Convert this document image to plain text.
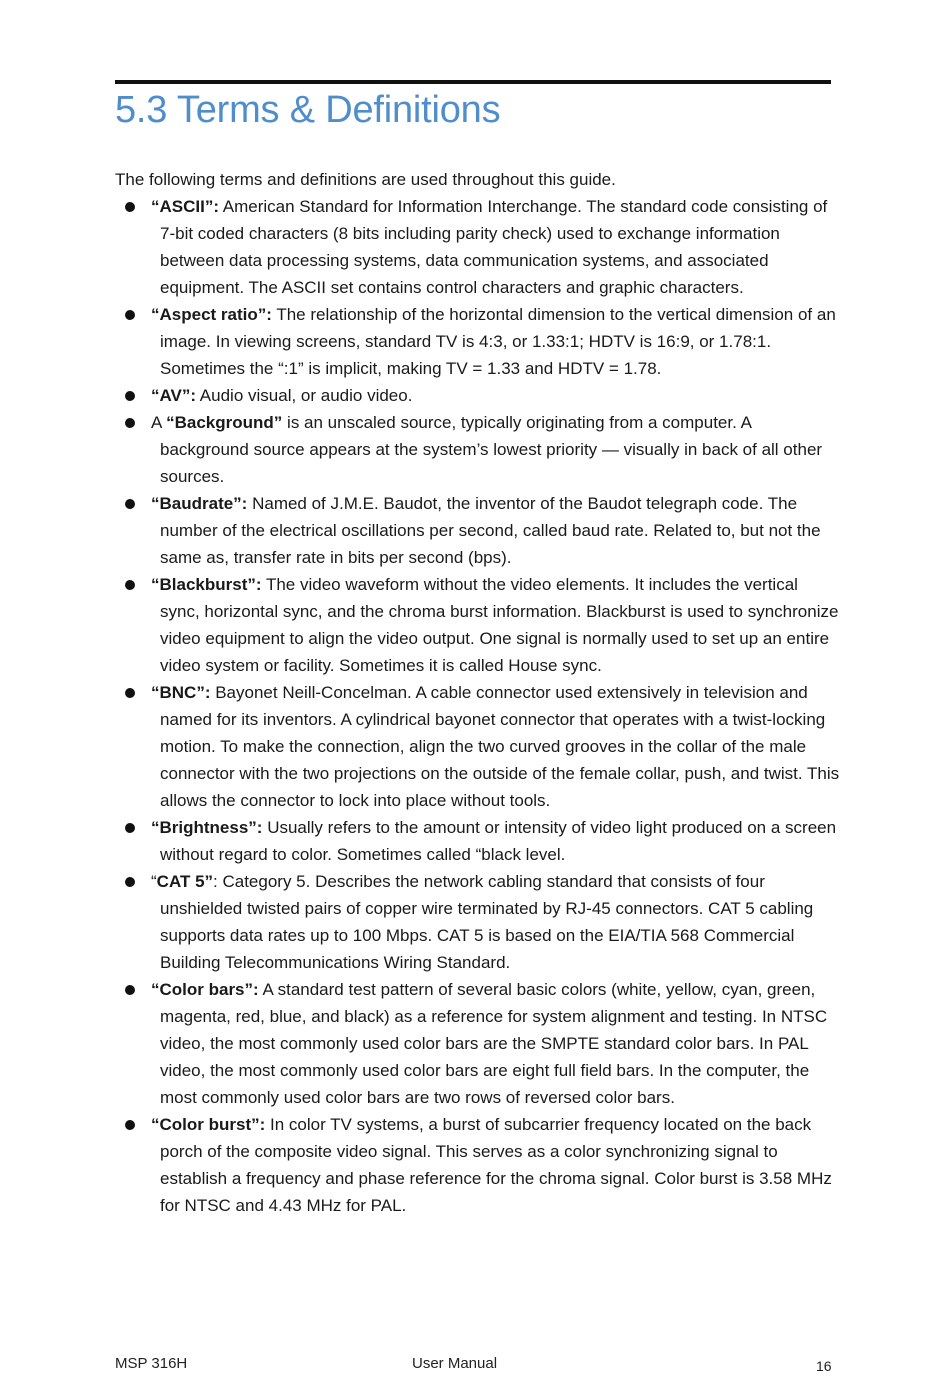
5.3 Terms & Definitions

The following terms and definitions are used throughout this guide.

“ASCII”: American Standard for Information Interchange. The standard code consisting of 7-bit coded characters (8 bits including parity check) used to exchange information between data processing systems, data communication systems, and associated equipment. The ASCII set contains control characters and graphic characters.
“Aspect ratio”: The relationship of the horizontal dimension to the vertical dimension of an image. In viewing screens, standard TV is 4:3, or 1.33:1; HDTV is 16:9, or 1.78:1. Sometimes the “:1” is implicit, making TV = 1.33 and HDTV = 1.78.
“AV”: Audio visual, or audio video.
A “Background” is an unscaled source, typically originating from a computer. A background source appears at the system’s lowest priority — visually in back of all other sources.
“Baudrate”: Named of J.M.E. Baudot, the inventor of the Baudot telegraph code. The number of the electrical oscillations per second, called baud rate. Related to, but not the same as, transfer rate in bits per second (bps).
“Blackburst”: The video waveform without the video elements. It includes the vertical sync, horizontal sync, and the chroma burst information. Blackburst is used to synchronize video equipment to align the video output. One signal is normally used to set up an entire video system or facility. Sometimes it is called House sync.
“BNC”: Bayonet Neill-Concelman. A cable connector used extensively in television and named for its inventors. A cylindrical bayonet connector that operates with a twist-locking motion. To make the connection, align the two curved grooves in the collar of the male connector with the two projections on the outside of the female collar, push, and twist. This allows the connector to lock into place without tools.
“Brightness”: Usually refers to the amount or intensity of video light produced on a screen without regard to color. Sometimes called “black level.
“CAT 5”: Category 5. Describes the network cabling standard that consists of four unshielded twisted pairs of copper wire terminated by RJ-45 connectors. CAT 5 cabling supports data rates up to 100 Mbps. CAT 5 is based on the EIA/TIA 568 Commercial Building Telecommunications Wiring Standard.
“Color bars”: A standard test pattern of several basic colors (white, yellow, cyan, green, magenta, red, blue, and black) as a reference for system alignment and testing. In NTSC video, the most commonly used color bars are the SMPTE standard color bars. In PAL video, the most commonly used color bars are eight full field bars. In the computer, the most commonly used color bars are two rows of reversed color bars.
“Color burst”: In color TV systems, a burst of subcarrier frequency located on the back porch of the composite video signal. This serves as a color synchronizing signal to establish a frequency and phase reference for the chroma signal. Color burst is 3.58 MHz for NTSC and 4.43 MHz for PAL.
MSP 316H	User Manual	16
